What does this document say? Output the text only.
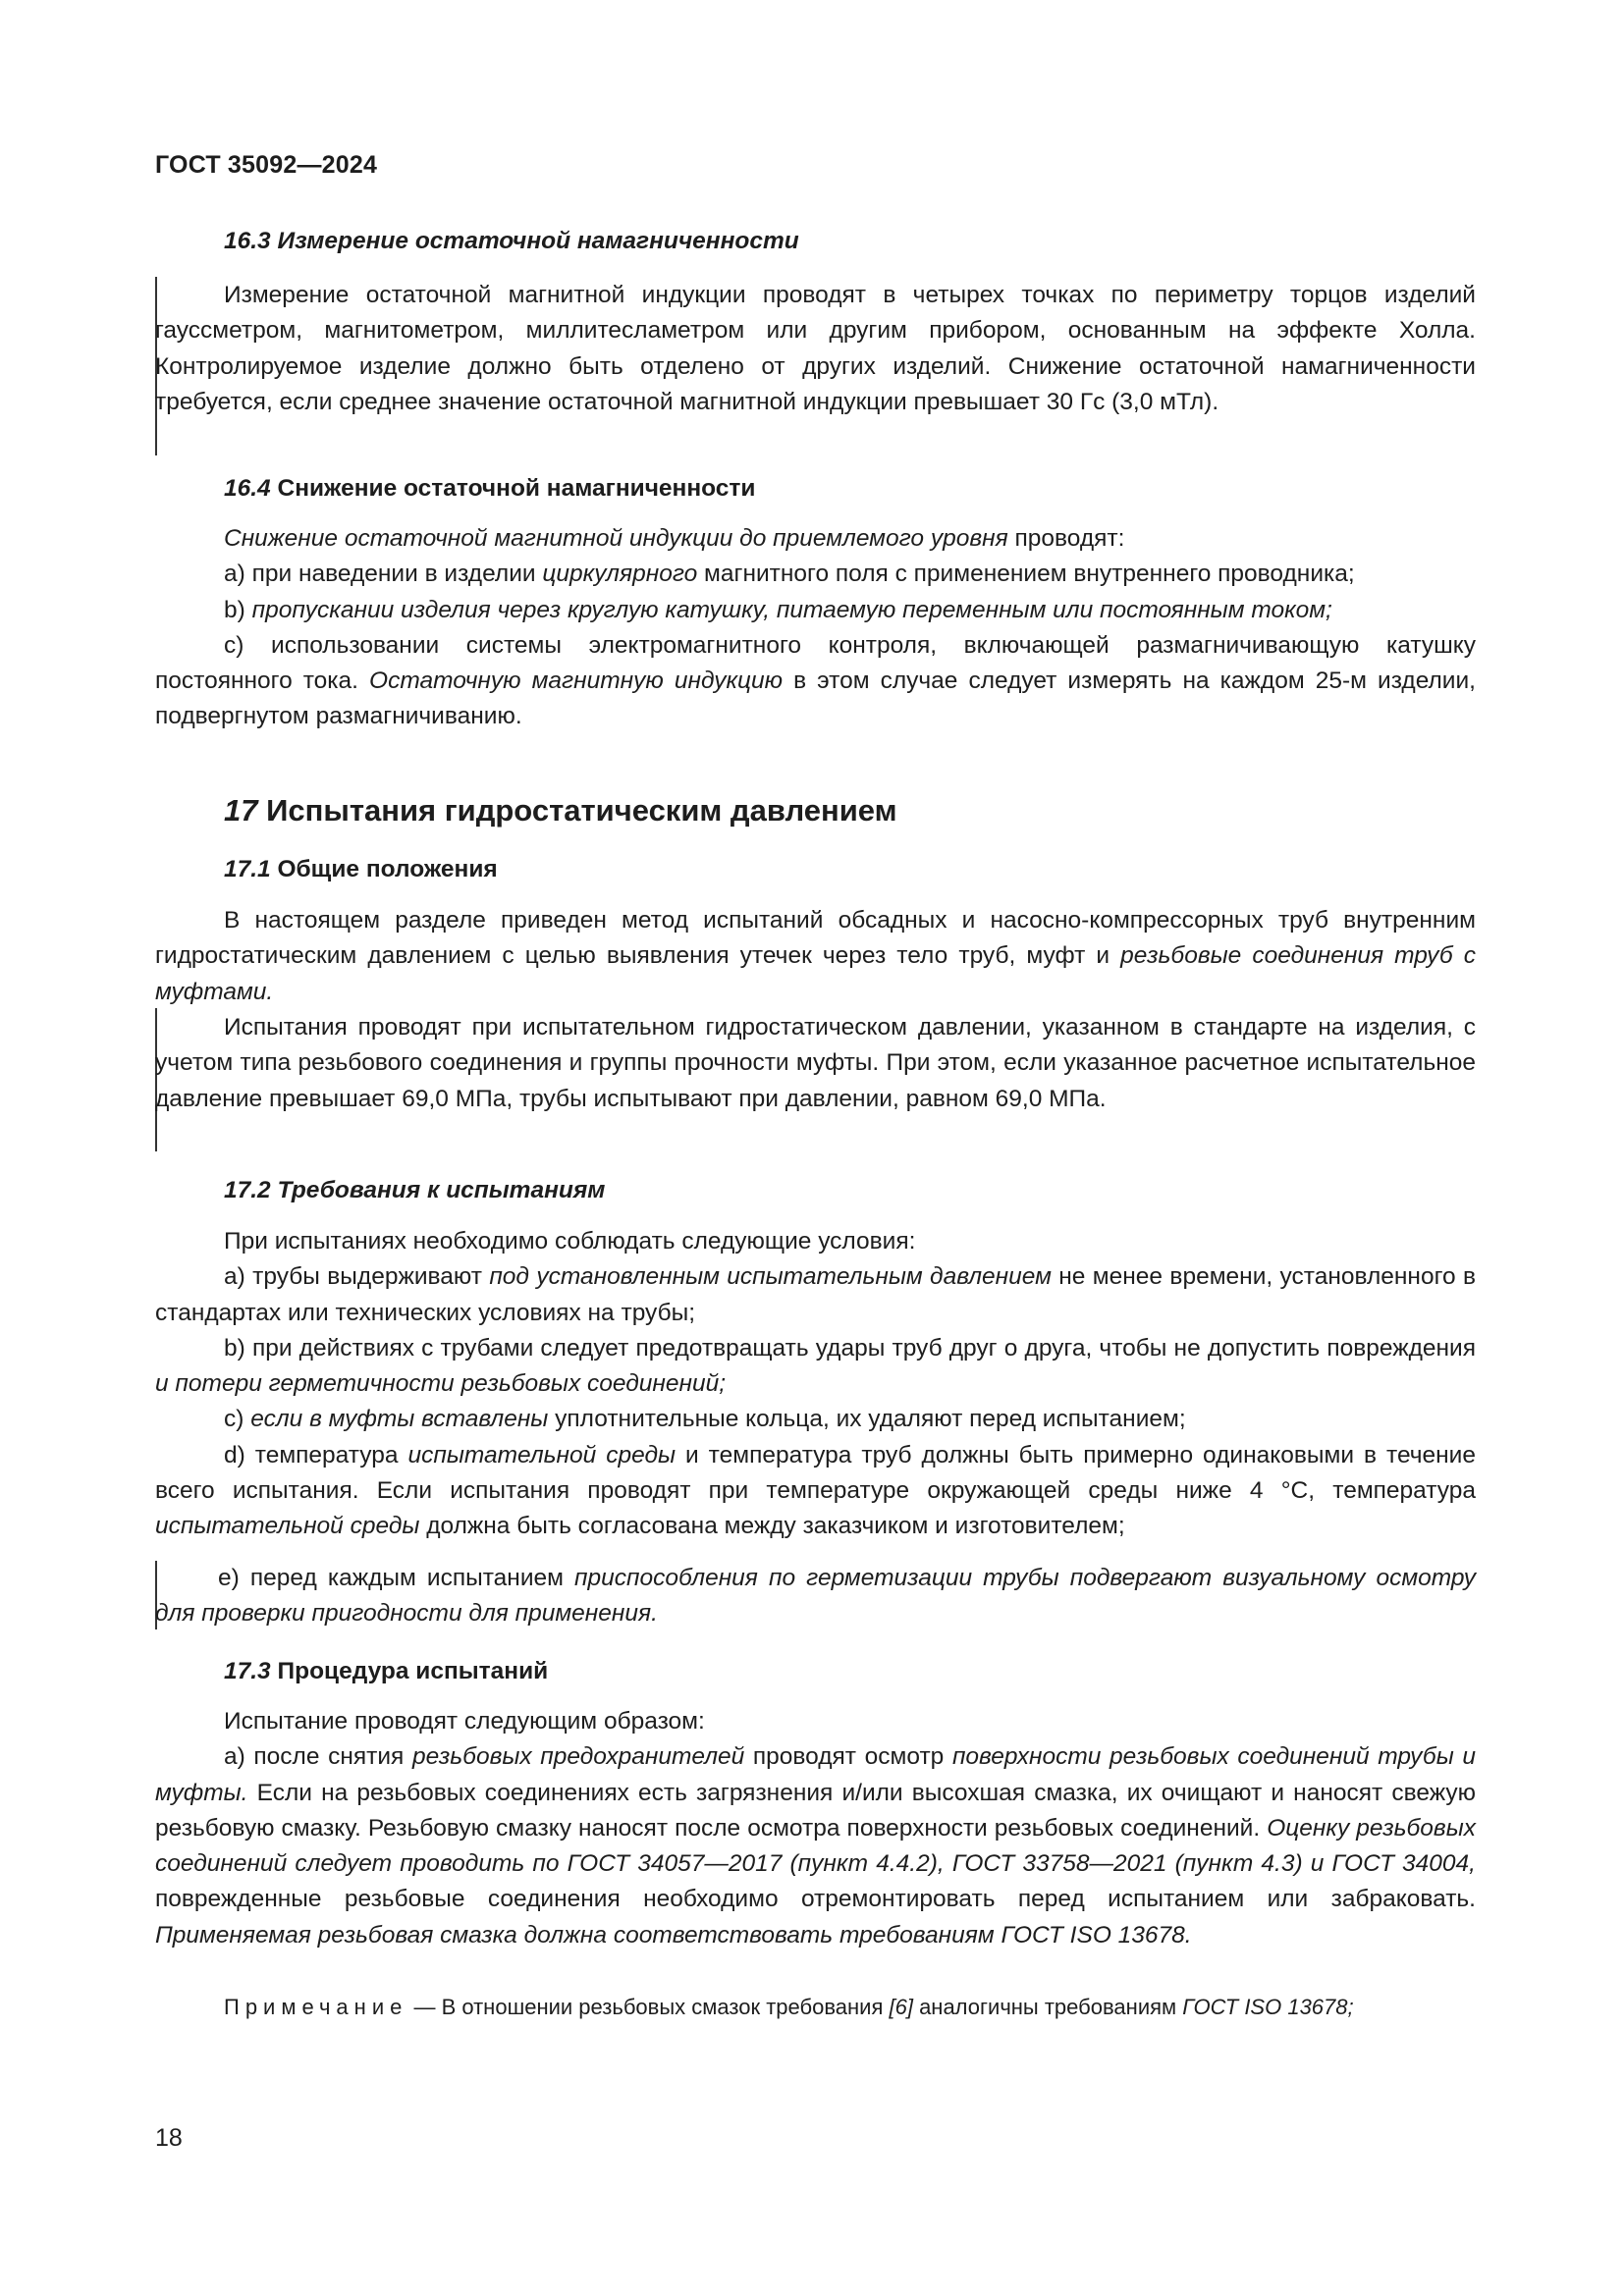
ГОСТ 35092—2024
16.3 Измерение остаточной намагниченности

Измерение остаточной магнитной индукции проводят в четырех точках по периметру торцов изделий гауссметром, магнитометром, миллитесламетром или другим прибором, основанным на эффекте Холла. Контролируемое изделие должно быть отделено от других изделий. Снижение остаточной намагниченности требуется, если среднее значение остаточной магнитной индукции превышает 30 Гс (3,0 мТл).

16.4 Снижение остаточной намагниченности

Снижение остаточной магнитной индукции до приемлемого уровня проводят:

а) при наведении в изделии циркулярного магнитного поля с применением внутреннего проводника;

b) пропускании изделия через круглую катушку, питаемую переменным или постоянным током;

с) использовании системы электромагнитного контроля, включающей размагничивающую катушку постоянного тока. Остаточную магнитную индукцию в этом случае следует измерять на каждом 25-м изделии, подвергнутом размагничиванию.

17 Испытания гидростатическим давлением
17.1 Общие положения

В настоящем разделе приведен метод испытаний обсадных и насосно-компрессорных труб внутренним гидростатическим давлением с целью выявления утечек через тело труб, муфт и резьбовые соединения труб с муфтами.

Испытания проводят при испытательном гидростатическом давлении, указанном в стандарте на изделия, с учетом типа резьбового соединения и группы прочности муфты. При этом, если указанное расчетное испытательное давление превышает 69,0 МПа, трубы испытывают при давлении, равном 69,0 МПа.

17.2 Требования к испытаниям

При испытаниях необходимо соблюдать следующие условия:

а) трубы выдерживают под установленным испытательным давлением не менее времени, установленного в стандартах или технических условиях на трубы;

b) при действиях с трубами следует предотвращать удары труб друг о друга, чтобы не допустить повреждения и потери герметичности резьбовых соединений;

с) если в муфты вставлены уплотнительные кольца, их удаляют перед испытанием;

d) температура испытательной среды и температура труб должны быть примерно одинаковыми в течение всего испытания. Если испытания проводят при температуре окружающей среды ниже 4 °С, температура испытательной среды должна быть согласована между заказчиком и изготовителем;

е) перед каждым испытанием приспособления по герметизации трубы подвергают визуальному осмотру для проверки пригодности для применения.

17.3 Процедура испытаний

Испытание проводят следующим образом:

а) после снятия резьбовых предохранителей проводят осмотр поверхности резьбовых соединений трубы и муфты. Если на резьбовых соединениях есть загрязнения и/или высохшая смазка, их очищают и наносят свежую резьбовую смазку. Резьбовую смазку наносят после осмотра поверхности резьбовых соединений. Оценку резьбовых соединений следует проводить по ГОСТ 34057—2017 (пункт 4.4.2), ГОСТ 33758—2021 (пункт 4.3) и ГОСТ 34004, поврежденные резьбовые соединения необходимо отремонтировать перед испытанием или забраковать. Применяемая резьбовая смазка должна соответствовать требованиям ГОСТ ISO 13678.

Примечание — В отношении резьбовых смазок требования [6] аналогичны требованиям ГОСТ ISO 13678;

18
